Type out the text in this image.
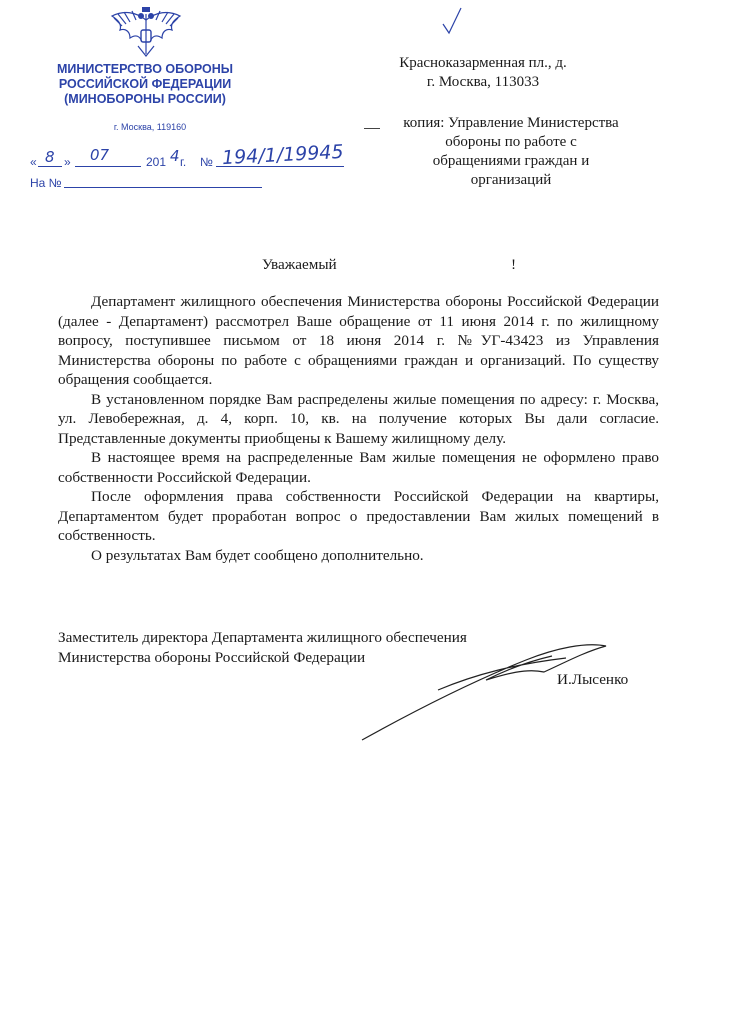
МИНИСТЕРСТВО ОБОРОНЫ
РОССИЙСКОЙ ФЕДЕРАЦИИ
(МИНОБОРОНЫ РОССИИ)
г. Москва, 119160
« 8 » 07	201 4 г. № 194/1/19945
На №
Красноказарменная пл., д.
г. Москва, 113033
копия: Управление Министерства
обороны по работе с
обращениями граждан и
организаций
Уважаемый	!

Департамент жилищного обеспечения Министерства обороны Российской Федерации (далее - Департамент) рассмотрел Ваше обращение от 11 июня 2014 г. по жилищному вопросу, поступившее письмом от 18 июня 2014 г. №УГ-43423 из Управления Министерства обороны по работе с обращениями граждан и организаций. По существу обращения сообщается.

В установленном порядке Вам распределены жилые помещения по адресу: г. Москва, ул. Левобережная, д. 4, корп. 10, кв. на получение которых Вы дали согласие. Представленные документы приобщены к Вашему жилищному делу.

В настоящее время на распределенные Вам жилые помещения не оформлено право собственности Российской Федерации.

После оформления права собственности Российской Федерации на квартиры, Департаментом будет проработан вопрос о предоставлении Вам жилых помещений в собственность.

О результатах Вам будет сообщено дополнительно.

Заместитель директора Департамента жилищного обеспечения
Министерства обороны Российской Федерации
И.Лысенко
